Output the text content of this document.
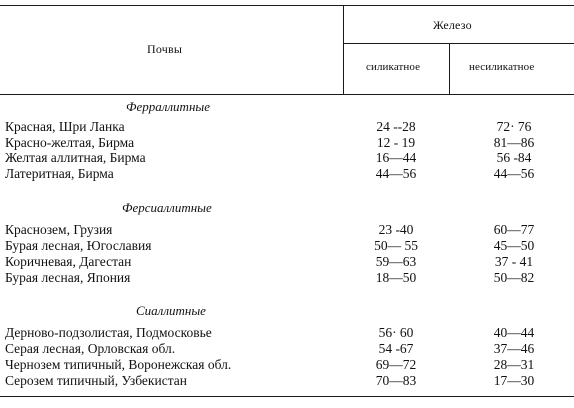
Почвы
Железо
силикатное	несиликатное
Ферраллитные
Красная, Шри Ланка	24 --28	72· 76
Красно-желтая, Бирма	12 - 19	81—86
Желтая аллитная, Бирма	16—44	56 -84
Латеритная, Бирма	44—56	44—56
Ферсиаллитные
Краснозем, Грузия	23 -40	60—77
Бурая лесная, Югославия	50— 55	45—50
Коричневая, Дагестан	59—63	37 - 41
Бурая лесная, Япония	18—50	50—82
Сиаллитные
Дерново-подзолистая, Подмосковье	56· 60	40—44
Серая лесная, Орловская обл.	54 -67	37—46
Чернозем типичный, Воронежская обл.	69—72	28—31
Серозем типичный, Узбекистан	70—83	17—30
